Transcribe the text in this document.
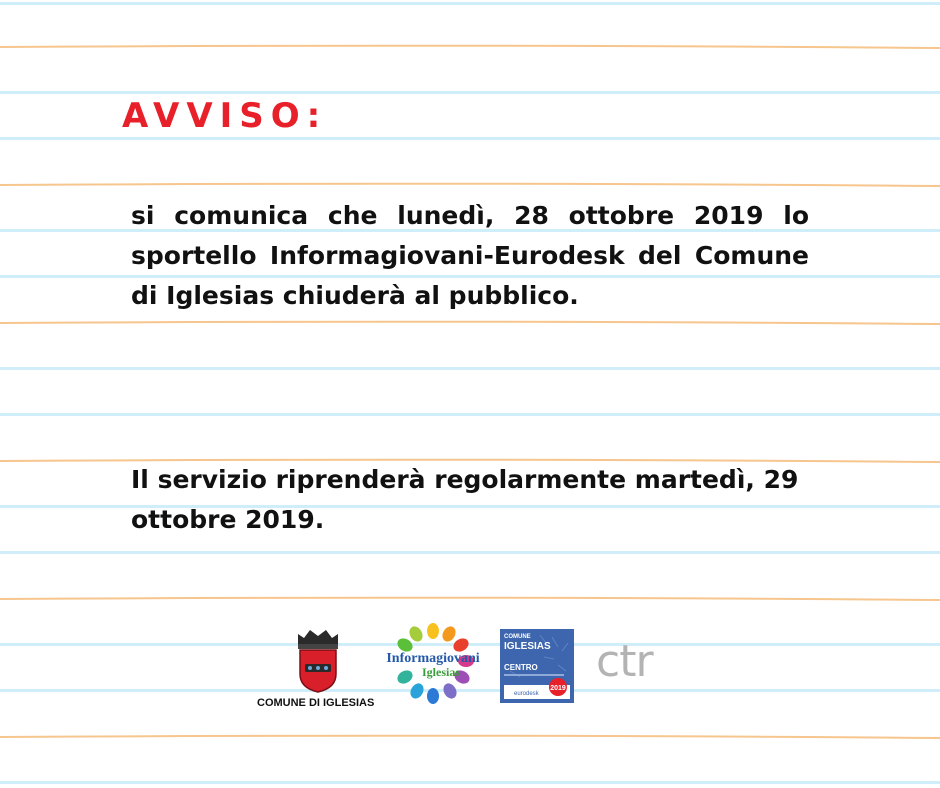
AVVISO:

si comunica che lunedì, 28 ottobre 2019 lo sportello Informagiovani-Eurodesk del Comune di Iglesias chiuderà al pubblico.

Il servizio riprenderà regolarmente martedì, 29 ottobre 2019.

COMUNE DI IGLESIAS
Informagiovani
Iglesias
COMUNE
IGLESIAS
CENTRO
eurodesk
2019
ctr
